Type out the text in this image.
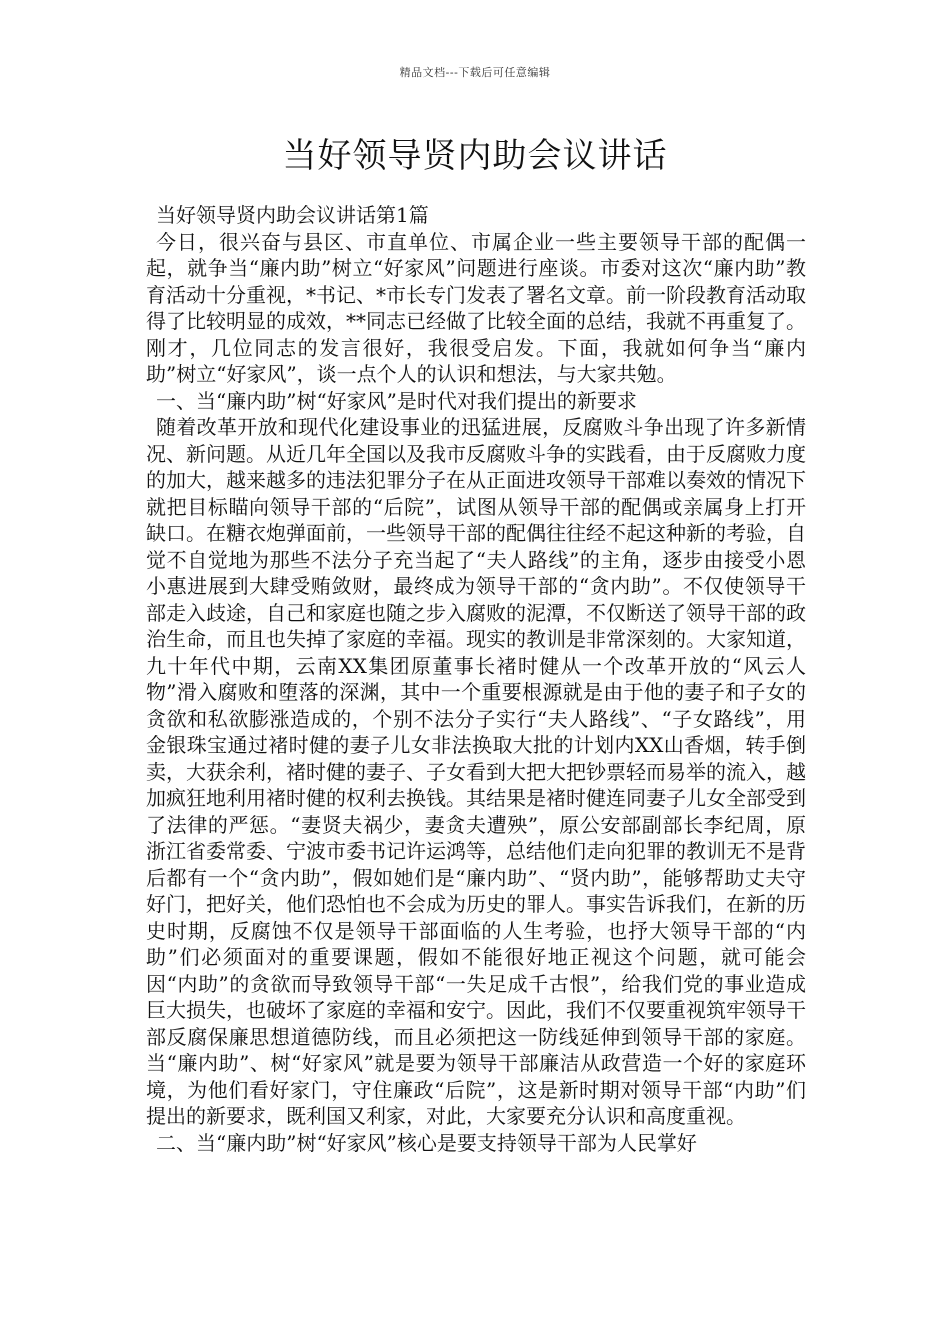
精品文档---下载后可任意编辑
当好领导贤内助会议讲话

当好领导贤内助会议讲话第1篇

今日，很兴奋与县区、市直单位、市属企业一些主要领导干部的配偶一起，就争当“廉内助”树立“好家风”问题进行座谈。市委对这次“廉内助”教育活动十分重视，*书记、*市长专门发表了署名文章。前一阶段教育活动取得了比较明显的成效，**同志已经做了比较全面的总结，我就不再重复了。刚才，几位同志的发言很好，我很受启发。下面，我就如何争当“廉内助”树立“好家风”，谈一点个人的认识和想法，与大家共勉。

一、当“廉内助”树“好家风”是时代对我们提出的新要求

随着改革开放和现代化建设事业的迅猛进展，反腐败斗争出现了许多新情况、新问题。从近几年全国以及我市反腐败斗争的实践看，由于反腐败力度的加大，越来越多的违法犯罪分子在从正面进攻领导干部难以奏效的情况下就把目标瞄向领导干部的“后院”，试图从领导干部的配偶或亲属身上打开缺口。在糖衣炮弹面前，一些领导干部的配偶往往经不起这种新的考验，自觉不自觉地为那些不法分子充当起了“夫人路线”的主角，逐步由接受小恩小惠进展到大肆受贿敛财，最终成为领导干部的“贪内助”。不仅使领导干部走入歧途，自己和家庭也随之步入腐败的泥潭，不仅断送了领导干部的政治生命，而且也失掉了家庭的幸福。现实的教训是非常深刻的。大家知道，九十年代中期，云南XX集团原董事长褚时健从一个改革开放的“风云人物”滑入腐败和堕落的深渊，其中一个重要根源就是由于他的妻子和子女的贪欲和私欲膨涨造成的，个别不法分子实行“夫人路线”、“子女路线”，用金银珠宝通过褚时健的妻子儿女非法换取大批的计划内XX山香烟，转手倒卖，大获余利，褚时健的妻子、子女看到大把大把钞票轻而易举的流入，越加疯狂地利用褚时健的权利去换钱。其结果是褚时健连同妻子儿女全部受到了法律的严惩。“妻贤夫祸少，妻贪夫遭殃”，原公安部副部长李纪周，原浙江省委常委、宁波市委书记许运鸿等，总结他们走向犯罪的教训无不是背后都有一个“贪内助”，假如她们是“廉内助”、“贤内助”，能够帮助丈夫守好门，把好关，他们恐怕也不会成为历史的罪人。事实告诉我们，在新的历史时期，反腐蚀不仅是领导干部面临的人生考验，也抒大领导干部的“内助”们必须面对的重要课题，假如不能很好地正视这个问题，就可能会因“内助”的贪欲而导致领导干部“一失足成千古恨”，给我们党的事业造成巨大损失，也破坏了家庭的幸福和安宁。因此，我们不仅要重视筑牢领导干部反腐保廉思想道德防线，而且必须把这一防线延伸到领导干部的家庭。当“廉内助”、树“好家风”就是要为领导干部廉洁从政营造一个好的家庭环境，为他们看好家门，守住廉政“后院”，这是新时期对领导干部“内助”们提出的新要求，既利国又利家，对此，大家要充分认识和高度重视。

二、当“廉内助”树“好家风”核心是要支持领导干部为人民掌好
